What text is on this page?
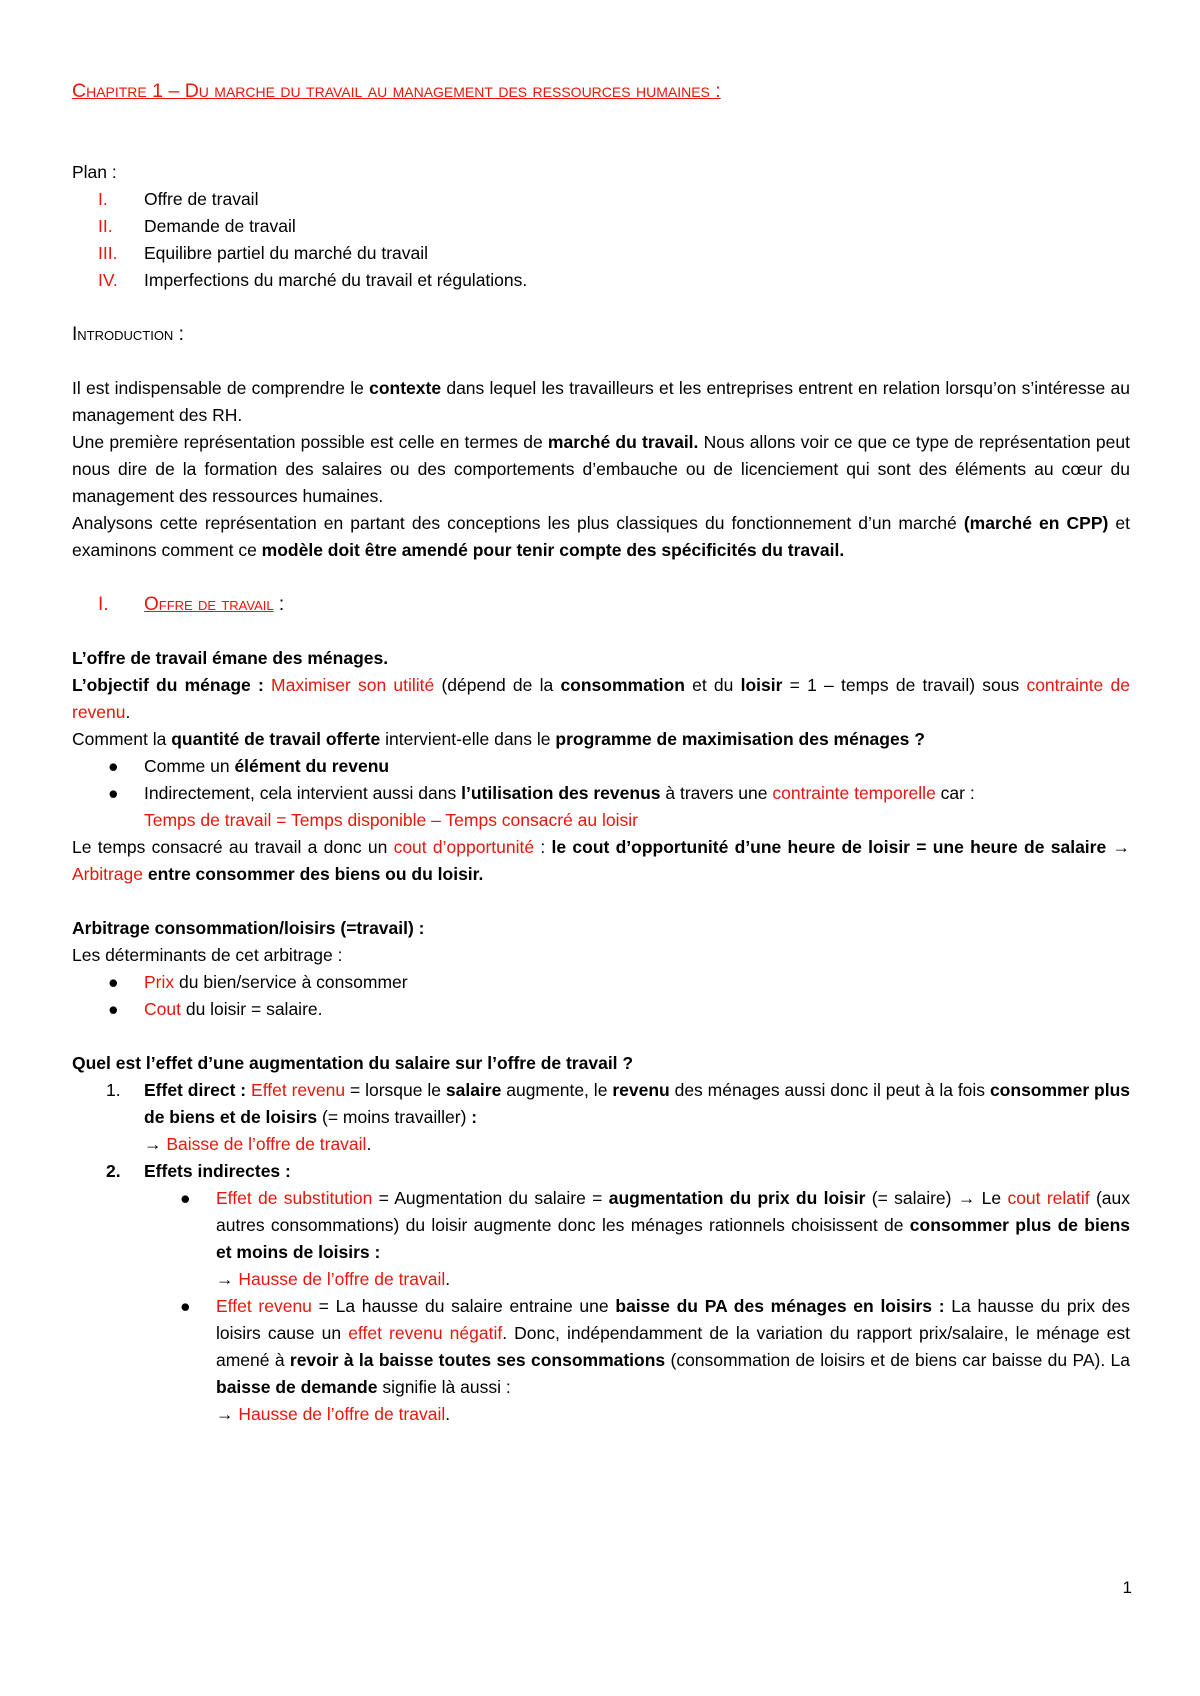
Chapitre 1 – Du marche du travail au management des ressources humaines :

Plan :

I. Offre de travail
II. Demande de travail
III. Equilibre partiel du marché du travail
IV. Imperfections du marché du travail et régulations.

Introduction :

Il est indispensable de comprendre le contexte dans lequel les travailleurs et les entreprises entrent en relation lorsqu’on s’intéresse au management des RH.

Une première représentation possible est celle en termes de marché du travail. Nous allons voir ce que ce type de représentation peut nous dire de la formation des salaires ou des comportements d’embauche ou de licenciement qui sont des éléments au cœur du management des ressources humaines.

Analysons cette représentation en partant des conceptions les plus classiques du fonctionnement d’un marché (marché en CPP) et examinons comment ce modèle doit être amendé pour tenir compte des spécificités du travail.

I. Offre de travail :

L’offre de travail émane des ménages.

L’objectif du ménage : Maximiser son utilité (dépend de la consommation et du loisir = 1 – temps de travail) sous contrainte de revenu.

Comment la quantité de travail offerte intervient-elle dans le programme de maximisation des ménages ?

● Comme un élément du revenu
● Indirectement, cela intervient aussi dans l’utilisation des revenus à travers une contrainte temporelle car :
Temps de travail = Temps disponible – Temps consacré au loisir

Le temps consacré au travail a donc un cout d’opportunité : le cout d’opportunité d’une heure de loisir = une heure de salaire → Arbitrage entre consommer des biens ou du loisir.

Arbitrage consommation/loisirs (=travail) :

Les déterminants de cet arbitrage :

● Prix du bien/service à consommer
● Cout du loisir = salaire.

Quel est l’effet d’une augmentation du salaire sur l’offre de travail ?

1. Effet direct : Effet revenu = lorsque le salaire augmente, le revenu des ménages aussi donc il peut à la fois consommer plus de biens et de loisirs (= moins travailler) :
→ Baisse de l’offre de travail.
2. Effets indirectes :
● Effet de substitution = Augmentation du salaire = augmentation du prix du loisir (= salaire) → Le cout relatif (aux autres consommations) du loisir augmente donc les ménages rationnels choisissent de consommer plus de biens et moins de loisirs :
→ Hausse de l’offre de travail.
● Effet revenu = La hausse du salaire entraine une baisse du PA des ménages en loisirs : La hausse du prix des loisirs cause un effet revenu négatif. Donc, indépendamment de la variation du rapport prix/salaire, le ménage est amené à revoir à la baisse toutes ses consommations (consommation de loisirs et de biens car baisse du PA). La baisse de demande signifie là aussi :
→ Hausse de l’offre de travail.
1
